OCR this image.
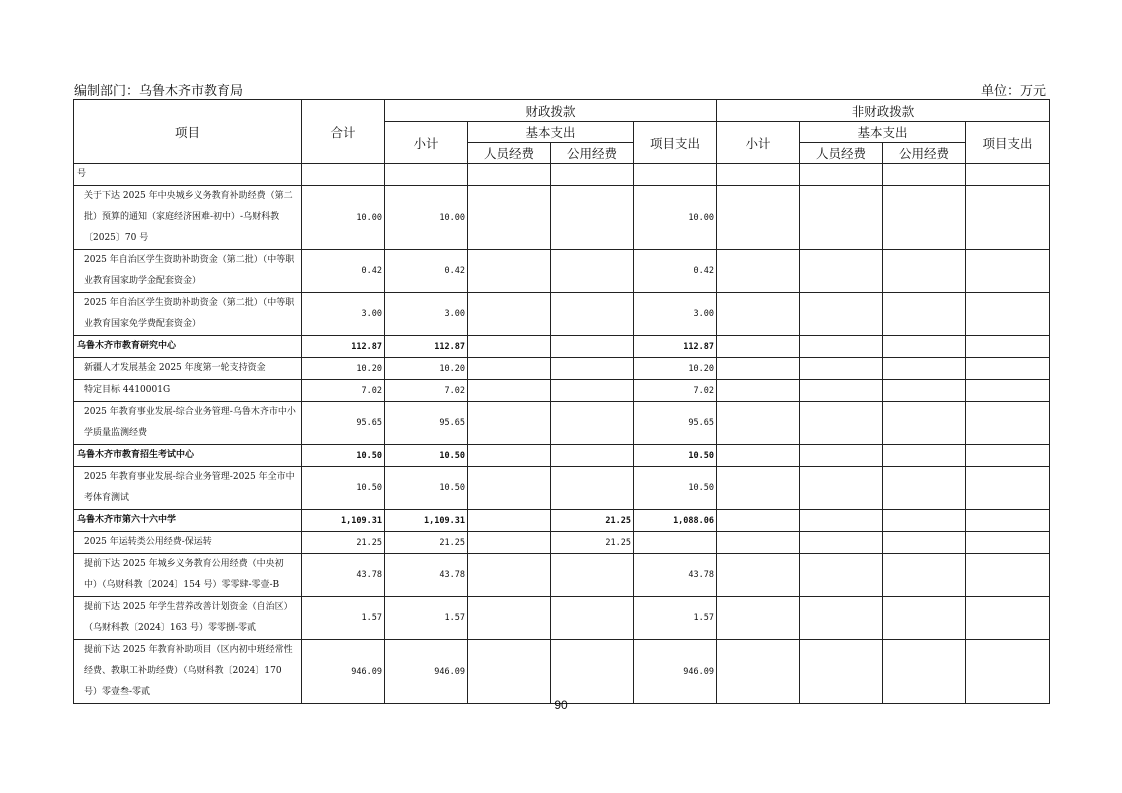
编制部门：乌鲁木齐市教育局	单位：万元
项目	合计	财政拨款				非财政拨款			
		小计	基本支出		项目支出	小计	基本支出		项目支出
			人员经费	公用经费			人员经费	公用经费	
号									
关于下达 2025 年中央城乡义务教育补助经费（第二批）预算的通知（家庭经济困难-初中）-乌财科教〔2025〕70 号	10.00	10.00			10.00				
2025 年自治区学生资助补助资金（第二批）（中等职业教育国家助学金配套资金）	0.42	0.42			0.42				
2025 年自治区学生资助补助资金（第二批）（中等职业教育国家免学费配套资金）	3.00	3.00			3.00				
乌鲁木齐市教育研究中心	112.87	112.87			112.87				
新疆人才发展基金 2025 年度第一轮支持资金	10.20	10.20			10.20				
特定目标 4410001G	7.02	7.02			7.02				
2025 年教育事业发展-综合业务管理-乌鲁木齐市中小学质量监测经费	95.65	95.65			95.65				
乌鲁木齐市教育招生考试中心	10.50	10.50			10.50				
2025 年教育事业发展-综合业务管理-2025 年全市中考体育测试	10.50	10.50			10.50				
乌鲁木齐市第六十六中学	1,109.31	1,109.31		21.25	1,088.06				
2025 年运转类公用经费-保运转	21.25	21.25		21.25					
提前下达 2025 年城乡义务教育公用经费（中央初中）（乌财科教〔2024〕154 号）零零肆-零壹-B	43.78	43.78			43.78				
提前下达 2025 年学生营养改善计划资金（自治区）（乌财科教〔2024〕163 号）零零捌-零贰	1.57	1.57			1.57				
提前下达 2025 年教育补助项目（区内初中班经常性经费、教职工补助经费）（乌财科教〔2024〕170 号）零壹叁-零贰	946.09	946.09			946.09				
90
